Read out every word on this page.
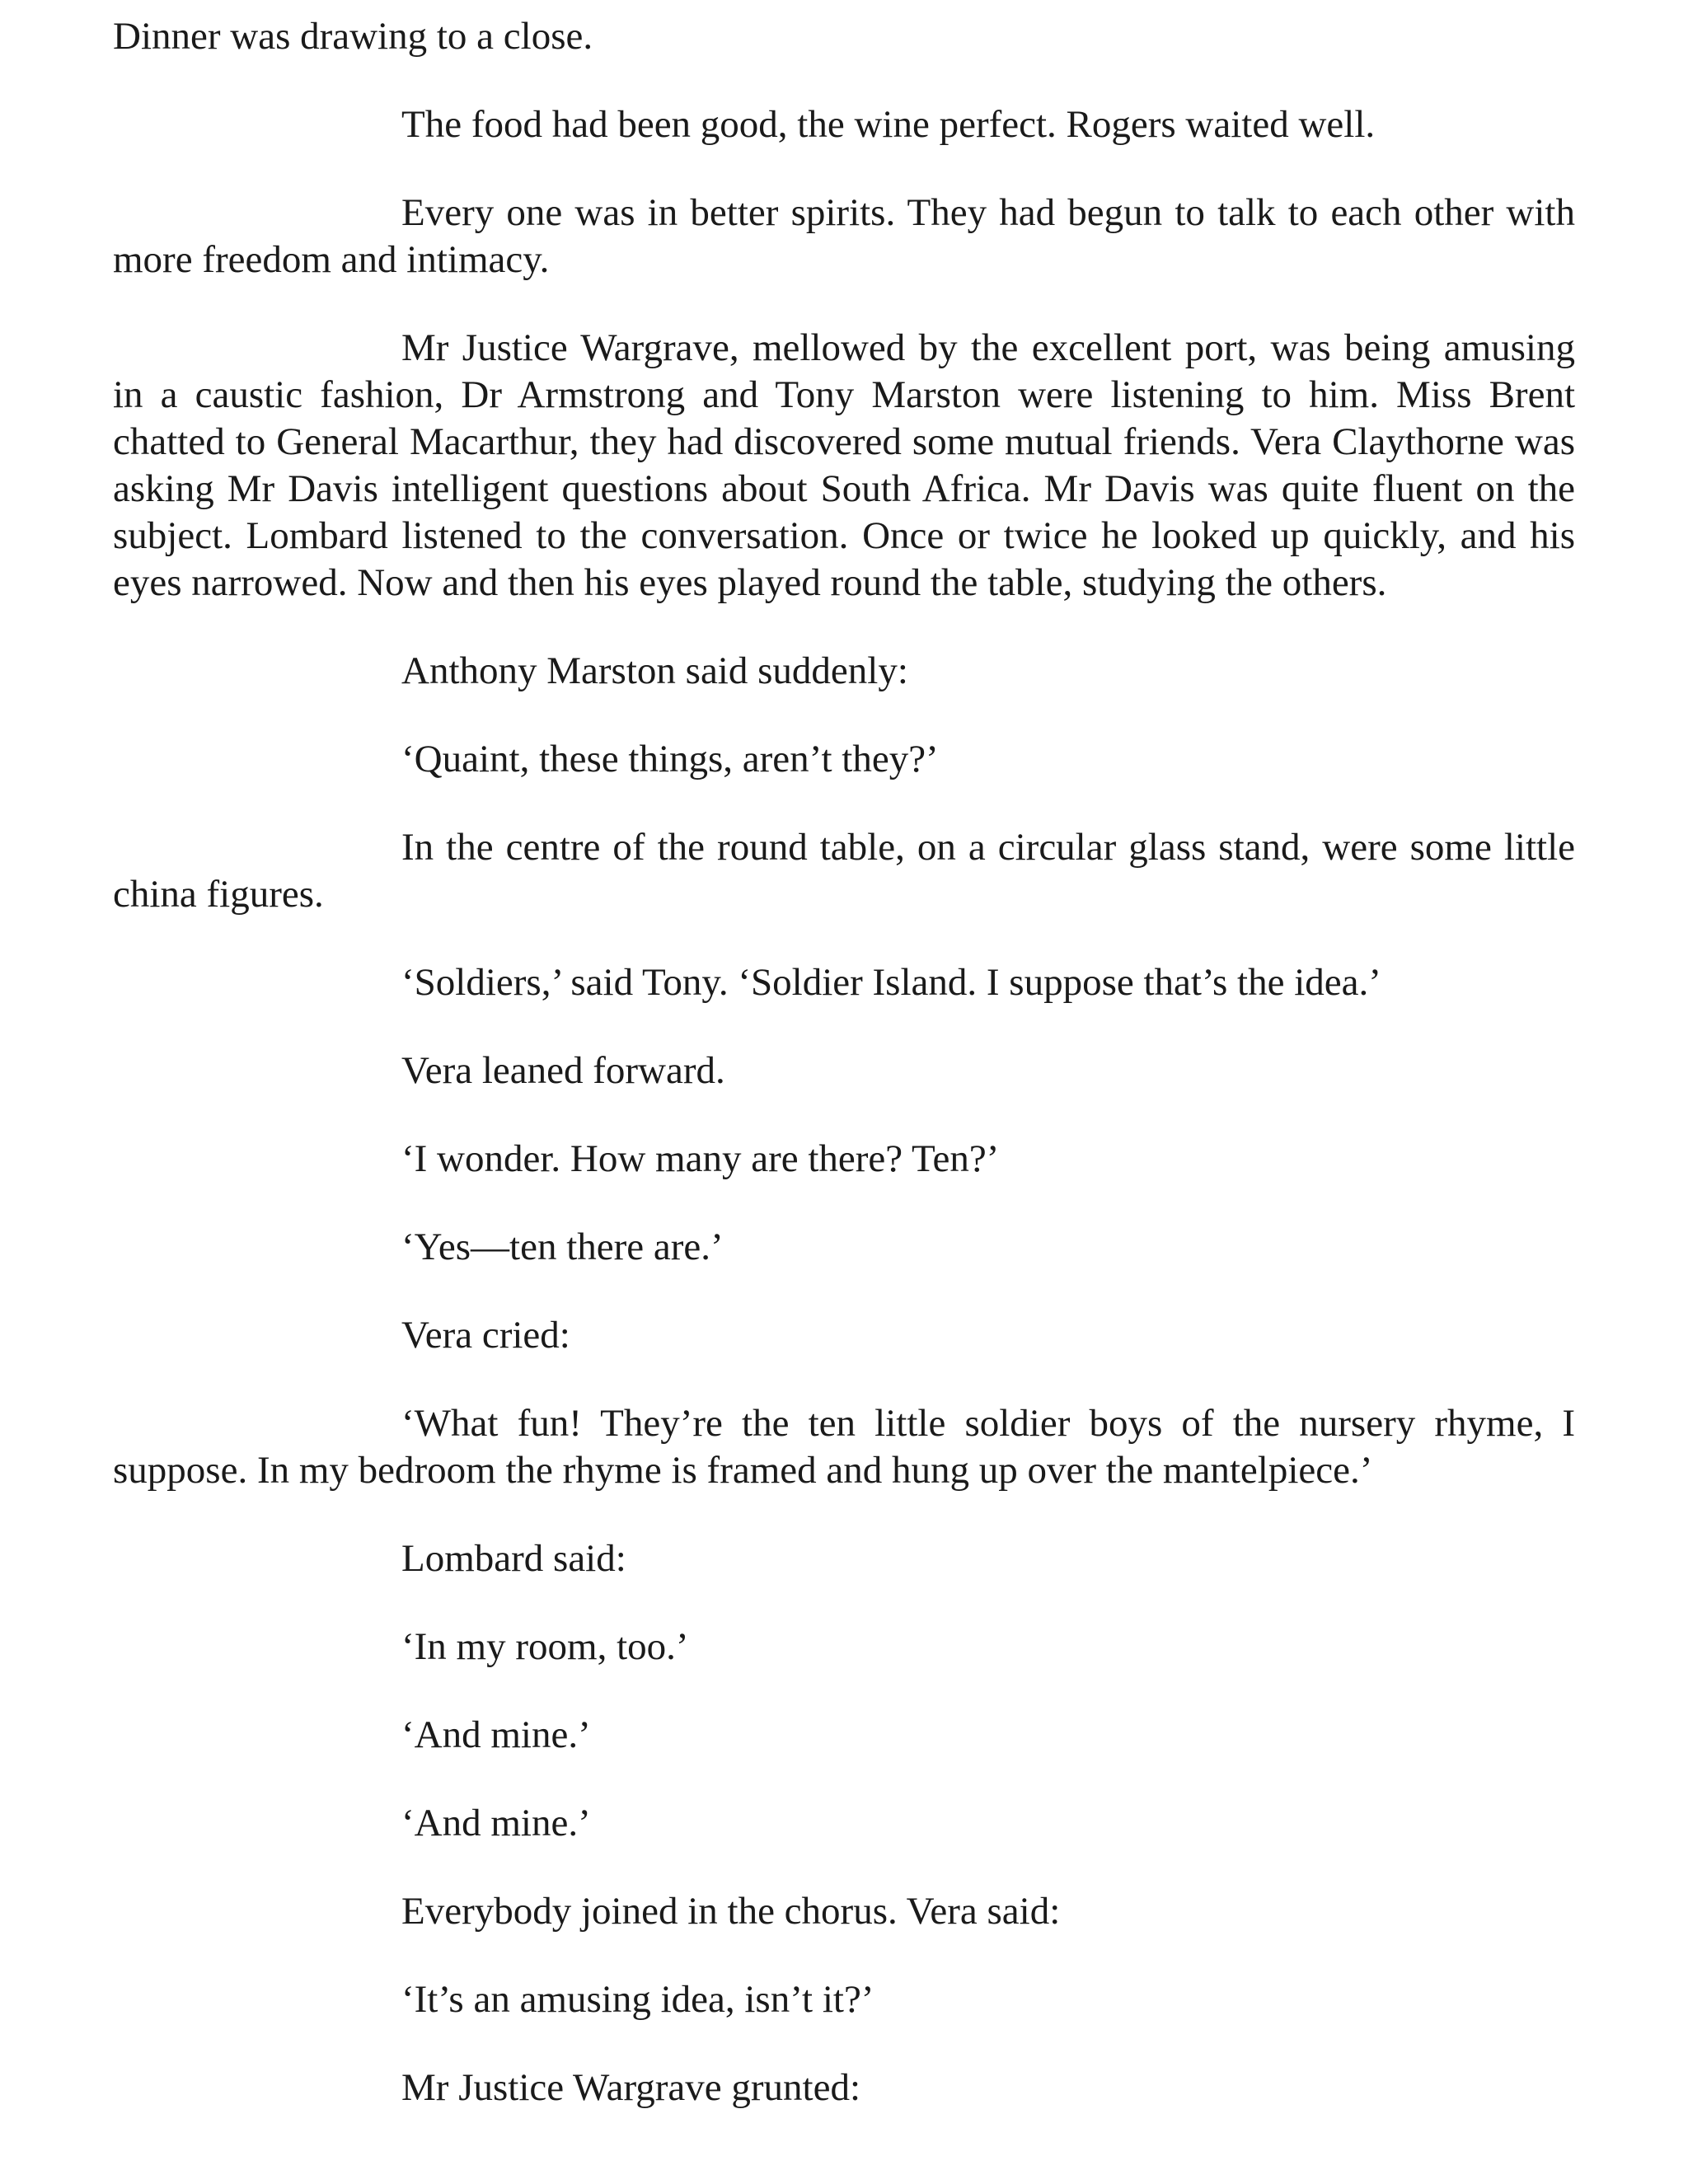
Dinner was drawing to a close.

The food had been good, the wine perfect. Rogers waited well.

Every one was in better spirits. They had begun to talk to each other with more freedom and intimacy.

Mr Justice Wargrave, mellowed by the excellent port, was being amusing in a caustic fashion, Dr Armstrong and Tony Marston were listening to him. Miss Brent chatted to General Macarthur, they had discovered some mutual friends. Vera Claythorne was asking Mr Davis intelligent questions about South Africa. Mr Davis was quite fluent on the subject. Lombard listened to the conversation. Once or twice he looked up quickly, and his eyes narrowed. Now and then his eyes played round the table, studying the others.

Anthony Marston said suddenly:

‘Quaint, these things, aren’t they?’

In the centre of the round table, on a circular glass stand, were some little china figures.

‘Soldiers,’ said Tony. ‘Soldier Island. I suppose that’s the idea.’

Vera leaned forward.

‘I wonder. How many are there? Ten?’

‘Yes—ten there are.’

Vera cried:

‘What fun! They’re the ten little soldier boys of the nursery rhyme, I suppose. In my bedroom the rhyme is framed and hung up over the mantelpiece.’

Lombard said:

‘In my room, too.’

‘And mine.’

‘And mine.’

Everybody joined in the chorus. Vera said:

‘It’s an amusing idea, isn’t it?’

Mr Justice Wargrave grunted:
